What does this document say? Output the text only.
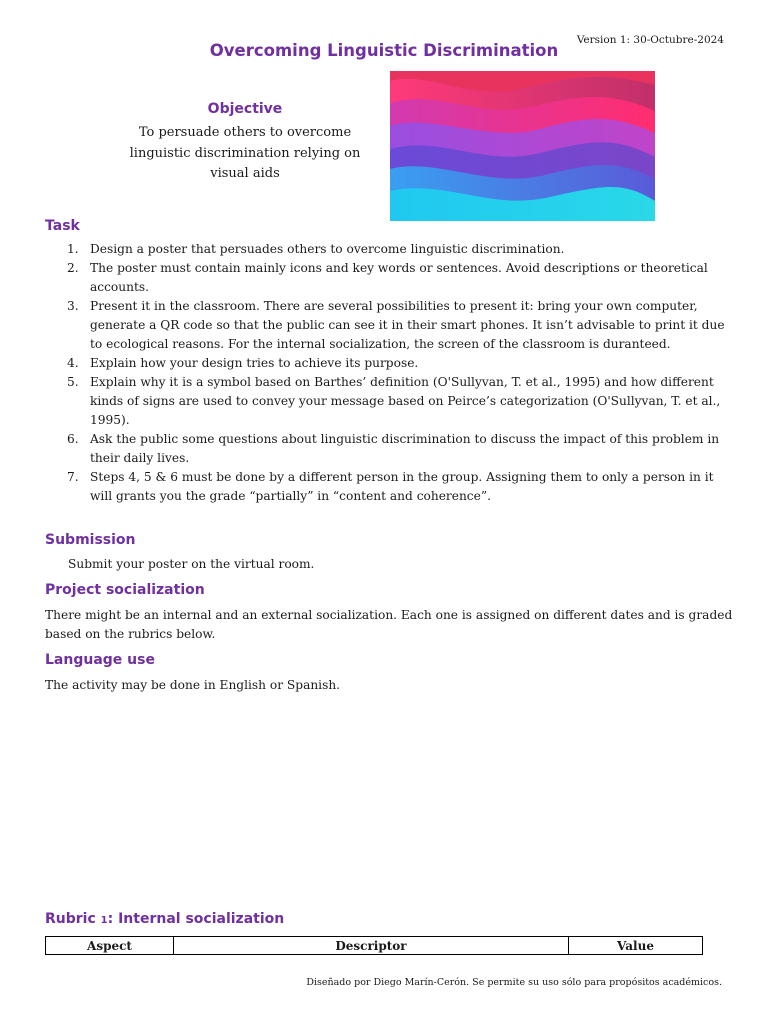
Version 1: 30-Octubre-2024
Overcoming Linguistic Discrimination
Objective
To persuade others to overcome linguistic discrimination relying on visual aids
Task
1. Design a poster that persuades others to overcome linguistic discrimination.
2. The poster must contain mainly icons and key words or sentences. Avoid descriptions or theoretical accounts.
3. Present it in the classroom. There are several possibilities to present it: bring your own computer, generate a QR code so that the public can see it in their smart phones. It isn’t advisable to print it due to ecological reasons. For the internal socialization, the screen of the classroom is duranteed.
4. Explain how your design tries to achieve its purpose.
5. Explain why it is a symbol based on Barthes’ definition (O'Sullyvan, T. et al., 1995) and how different kinds of signs are used to convey your message based on Peirce’s categorization (O'Sullyvan, T. et al., 1995).
6. Ask the public some questions about linguistic discrimination to discuss the impact of this problem in their daily lives.
7. Steps 4, 5 & 6 must be done by a different person in the group. Assigning them to only a person in it will grants you the grade “partially” in “content and coherence”.
Submission
Submit your poster on the virtual room.
Project socialization
There might be an internal and an external socialization. Each one is assigned on different dates and is graded based on the rubrics below.
Language use
The activity may be done in English or Spanish.
Rubric 1: Internal socialization
Aspect	Descriptor	Value
Diseñado por Diego Marín-Cerón. Se permite su uso sólo para propósitos académicos.
